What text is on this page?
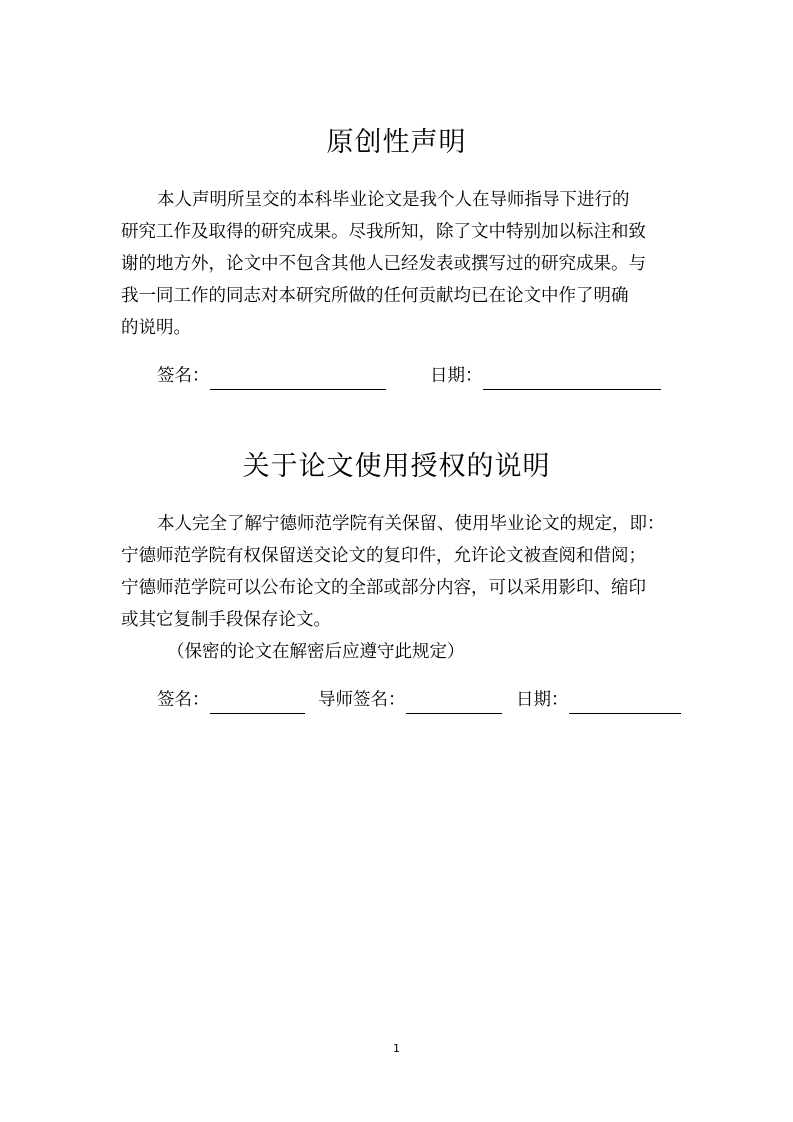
原创性声明
本人声明所呈交的本科毕业论文是我个人在导师指导下进行的
研究工作及取得的研究成果。尽我所知，除了文中特别加以标注和致
谢的地方外，论文中不包含其他人已经发表或撰写过的研究成果。与
我一同工作的同志对本研究所做的任何贡献均已在论文中作了明确
的说明。
签名：	日期：
关于论文使用授权的说明
本人完全了解宁德师范学院有关保留、使用毕业论文的规定，即：
宁德师范学院有权保留送交论文的复印件，允许论文被查阅和借阅；
宁德师范学院可以公布论文的全部或部分内容，可以采用影印、缩印
或其它复制手段保存论文。
（保密的论文在解密后应遵守此规定）
签名：	导师签名：	日期：
1
